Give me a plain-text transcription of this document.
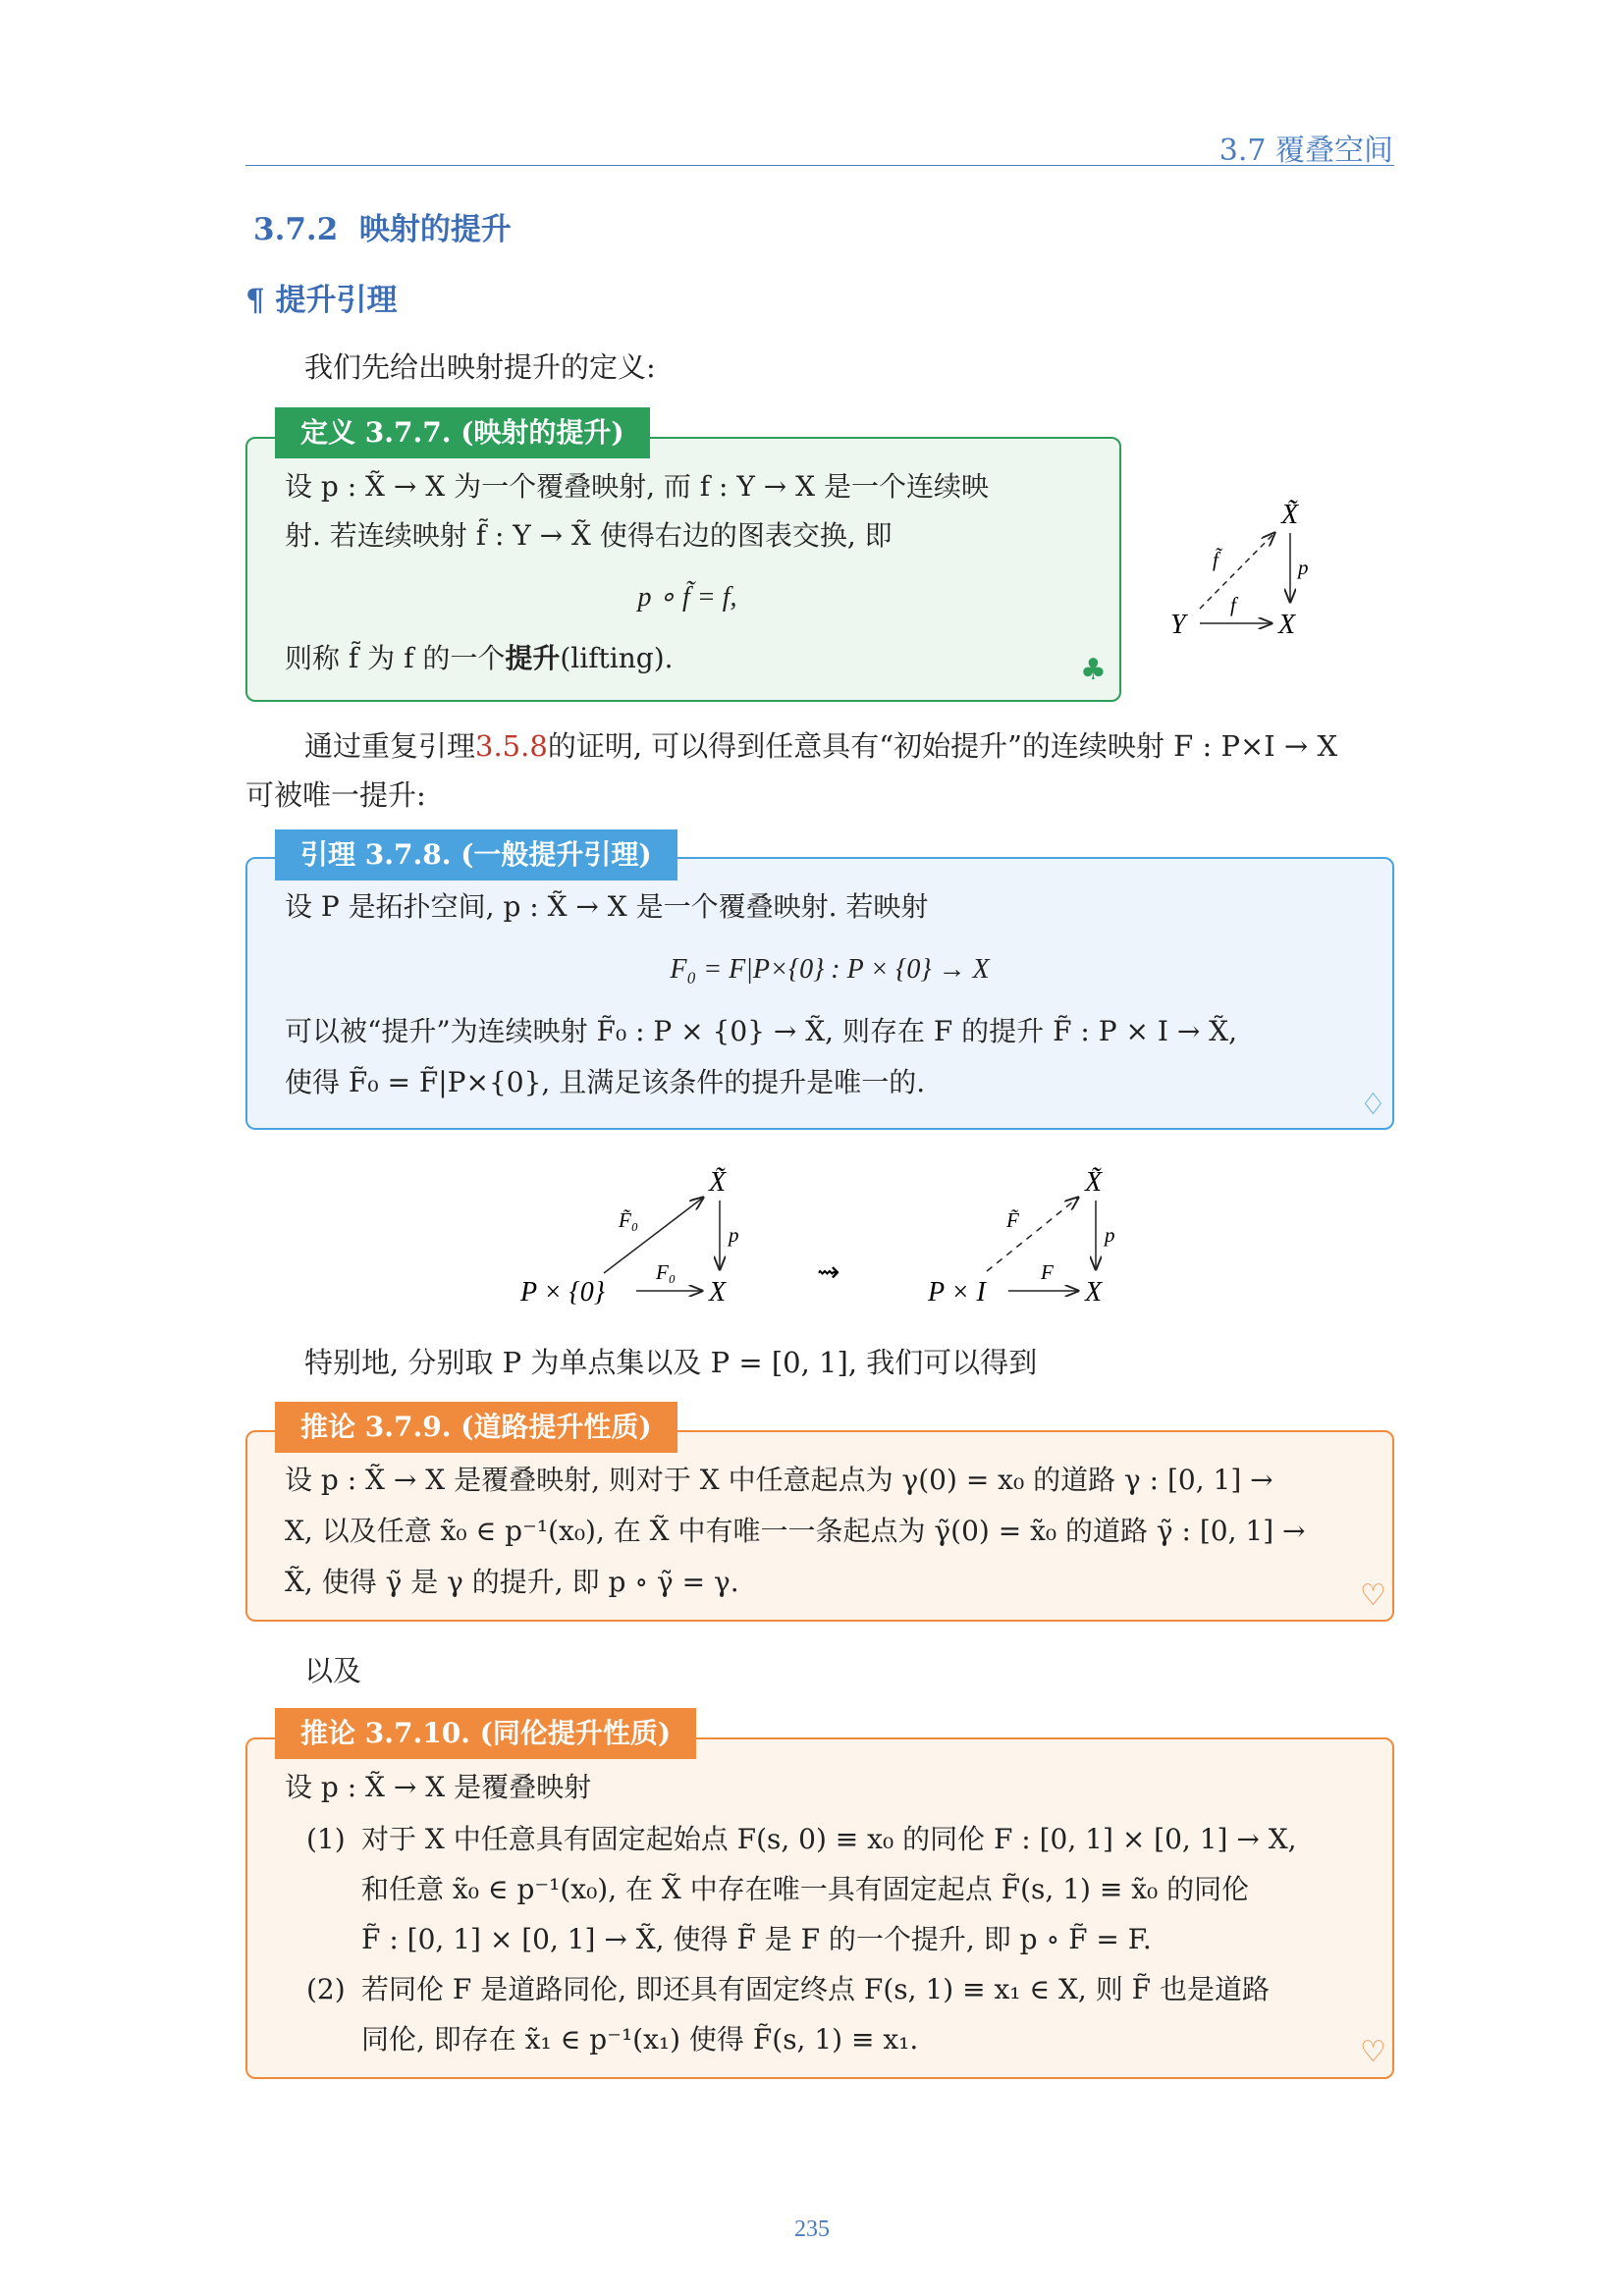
3.7 覆叠空间
3.7.2 映射的提升
¶ 提升引理
我们先给出映射提升的定义:
定义 3.7.7. (映射的提升)
设 p : X̃ → X 为一个覆叠映射, 而 f : Y → X 是一个连续映
射. 若连续映射 f̃ : Y → X̃ 使得右边的图表交换, 即
p ∘ f̃ = f,
则称 f̃ 为 f 的一个提升(lifting).	♣
X̃
Y	X
f̃	p
f
通过重复引理3.5.8的证明, 可以得到任意具有“初始提升”的连续映射 F : P×I → X
可被唯一提升:
引理 3.7.8. (一般提升引理)
设 P 是拓扑空间, p : X̃ → X 是一个覆叠映射. 若映射
F₀ = F|P×{0} : P × {0} → X
可以被“提升”为连续映射 F̃₀ : P × {0} → X̃, 则存在 F 的提升 F̃ : P × I → X̃,
使得 F̃₀ = F̃|P×{0}, 且满足该条件的提升是唯一的.
♢
X̃
P × {0}	X
F̃₀
p
F₀	⇝
X̃
P × I	X
F̃
p
F
特别地, 分别取 P 为单点集以及 P = [0, 1], 我们可以得到
推论 3.7.9. (道路提升性质)
设 p : X̃ → X 是覆叠映射, 则对于 X 中任意起点为 γ(0) = x₀ 的道路 γ : [0, 1] →
X, 以及任意 x̃₀ ∈ p⁻¹(x₀), 在 X̃ 中有唯一一条起点为 γ̃(0) = x̃₀ 的道路 γ̃ : [0, 1] →
X̃, 使得 γ̃ 是 γ 的提升, 即 p ∘ γ̃ = γ.	♡
以及
推论 3.7.10. (同伦提升性质)
设 p : X̃ → X 是覆叠映射
(1) 对于 X 中任意具有固定起始点 F(s, 0) ≡ x₀ 的同伦 F : [0, 1] × [0, 1] → X,
和任意 x̃₀ ∈ p⁻¹(x₀), 在 X̃ 中存在唯一具有固定起点 F̃(s, 1) ≡ x̃₀ 的同伦
F̃ : [0, 1] × [0, 1] → X̃, 使得 F̃ 是 F 的一个提升, 即 p ∘ F̃ = F.
(2) 若同伦 F 是道路同伦, 即还具有固定终点 F(s, 1) ≡ x₁ ∈ X, 则 F̃ 也是道路
同伦, 即存在 x̃₁ ∈ p⁻¹(x₁) 使得 F̃(s, 1) ≡ x₁.	♡
235
